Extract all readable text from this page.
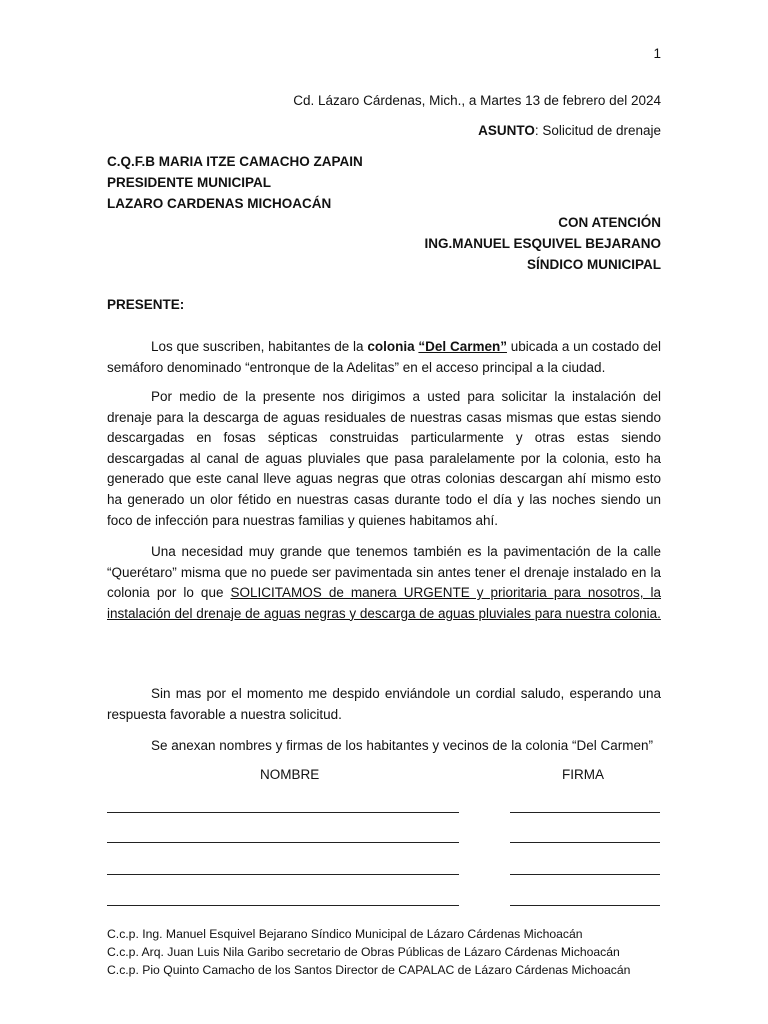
1
Cd. Lázaro Cárdenas, Mich., a Martes 13 de febrero del 2024
ASUNTO: Solicitud de drenaje
C.Q.F.B MARIA ITZE CAMACHO ZAPAIN
PRESIDENTE MUNICIPAL
LAZARO CARDENAS MICHOACÁN
CON ATENCIÓN
ING.MANUEL ESQUIVEL BEJARANO
SÍNDICO MUNICIPAL
PRESENTE:
Los que suscriben, habitantes de la colonia “Del Carmen” ubicada a un costado del semáforo denominado “entronque de la Adelitas” en el acceso principal a la ciudad.
Por medio de la presente nos dirigimos a usted para solicitar la instalación del drenaje para la descarga de aguas residuales de nuestras casas mismas que estas siendo descargadas en fosas sépticas construidas particularmente y otras estas siendo descargadas al canal de aguas pluviales que pasa paralelamente por la colonia, esto ha generado que este canal lleve aguas negras que otras colonias descargan ahí mismo esto ha generado un olor fétido en nuestras casas durante todo el día y las noches siendo un foco de infección para nuestras familias y quienes habitamos ahí.
Una necesidad muy grande que tenemos también es la pavimentación de la calle “Querétaro” misma que no puede ser pavimentada sin antes tener el drenaje instalado en la colonia por lo que SOLICITAMOS de manera URGENTE y prioritaria para nosotros, la instalación del drenaje de aguas negras y descarga de aguas pluviales para nuestra colonia.
Sin mas por el momento me despido enviándole un cordial saludo, esperando una respuesta favorable a nuestra solicitud.
Se anexan nombres y firmas de los habitantes y vecinos de la colonia “Del Carmen”
NOMBRE	FIRMA
C.c.p. Ing. Manuel Esquivel Bejarano Síndico Municipal de Lázaro Cárdenas Michoacán
C.c.p. Arq. Juan Luis Nila Garibo secretario de Obras Públicas de Lázaro Cárdenas Michoacán
C.c.p. Pio Quinto Camacho de los Santos Director de CAPALAC de Lázaro Cárdenas Michoacán
